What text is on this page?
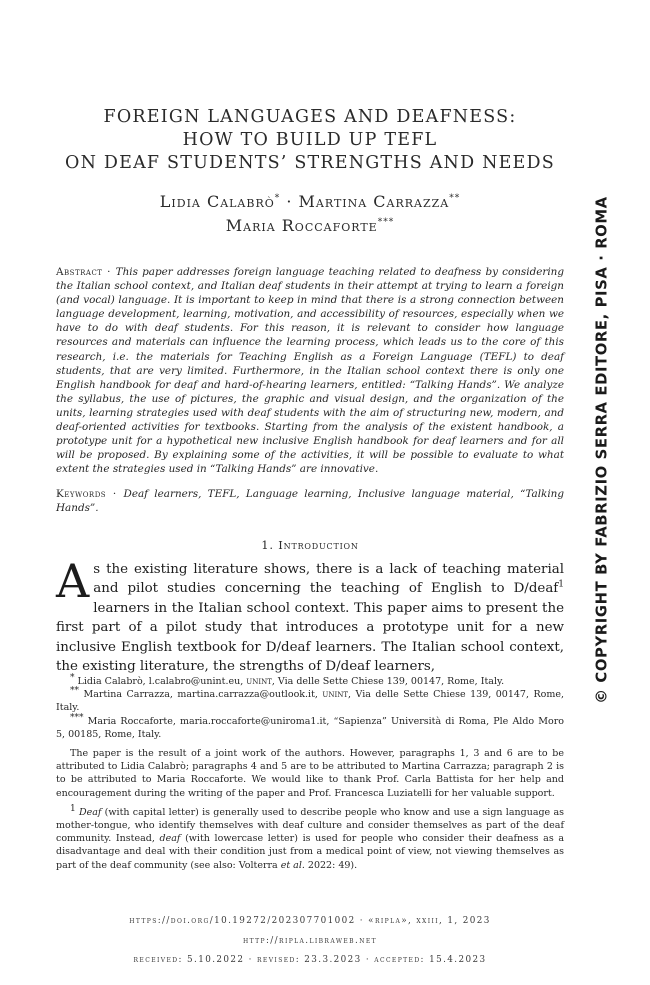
FOREIGN LANGUAGES AND DEAFNESS:
HOW TO BUILD UP TEFL
ON DEAF STUDENTS’ STRENGTHS AND NEEDS
Lidia Calabrò* · Martina Carrazza**
Maria Roccaforte***
Abstract · This paper addresses foreign language teaching related to deafness by considering the Italian school context, and Italian deaf students in their attempt at trying to learn a foreign (and vocal) language. It is important to keep in mind that there is a strong connection between language development, learning, motivation, and accessibility of resources, especially when we have to do with deaf students. For this reason, it is relevant to consider how language resources and materials can influence the learning process, which leads us to the core of this research, i.e. the materials for Teaching English as a Foreign Language (TEFL) to deaf students, that are very limited. Furthermore, in the Italian school context there is only one English handbook for deaf and hard-of-hearing learners, entitled: “Talking Hands”. We analyze the syllabus, the use of pictures, the graphic and visual design, and the organization of the units, learning strategies used with deaf students with the aim of structuring new, modern, and deaf-oriented activities for textbooks. Starting from the analysis of the existent handbook, a prototype unit for a hypothetical new inclusive English handbook for deaf learners and for all will be proposed. By explaining some of the activities, it will be possible to evaluate to what extent the strategies used in “Talking Hands” are innovative.
Keywords · Deaf learners, TEFL, Language learning, Inclusive language material, “Talking Hands”.
1. Introduction
As the existing literature shows, there is a lack of teaching material and pilot studies concerning the teaching of English to D/deaf$^1$ learners in the Italian school context. This paper aims to present the first part of a pilot study that introduces a prototype unit for a new inclusive English textbook for D/deaf learners. The Italian school context, the existing literature, the strengths of D/deaf learners,
* Lidia Calabrò, l.calabro@unint.eu, unint, Via delle Sette Chiese 139, 00147, Rome, Italy.
** Martina Carrazza, martina.carrazza@outlook.it, unint, Via delle Sette Chiese 139, 00147, Rome, Italy.
*** Maria Roccaforte, maria.roccaforte@uniroma1.it, “Sapienza” Università di Roma, Ple Aldo Moro 5, 00185, Rome, Italy.
The paper is the result of a joint work of the authors. However, paragraphs 1, 3 and 6 are to be attributed to Lidia Calabrò; paragraphs 4 and 5 are to be attributed to Martina Carrazza; paragraph 2 is to be attributed to Maria Roccaforte. We would like to thank Prof. Carla Battista for her help and encouragement during the writing of the paper and Prof. Francesca Luziatelli for her valuable support.
$^1$ Deaf (with capital letter) is generally used to describe people who know and use a sign language as mother-tongue, who identify themselves with deaf culture and consider themselves as part of the deaf community. Instead, deaf (with lowercase letter) is used for people who consider their deafness as a disadvantage and deal with their condition just from a medical point of view, not viewing themselves as part of the deaf community (see also: Volterra et al. 2022: 49).
https://doi.org/10.19272/202307701002 · «ripla», xxiii, 1, 2023
http://ripla.libraweb.net
received: 5.10.2022 · revised: 23.3.2023 · accepted: 15.4.2023
© COPYRIGHT BY FABRIZIO SERRA EDITORE, PISA · ROMA
